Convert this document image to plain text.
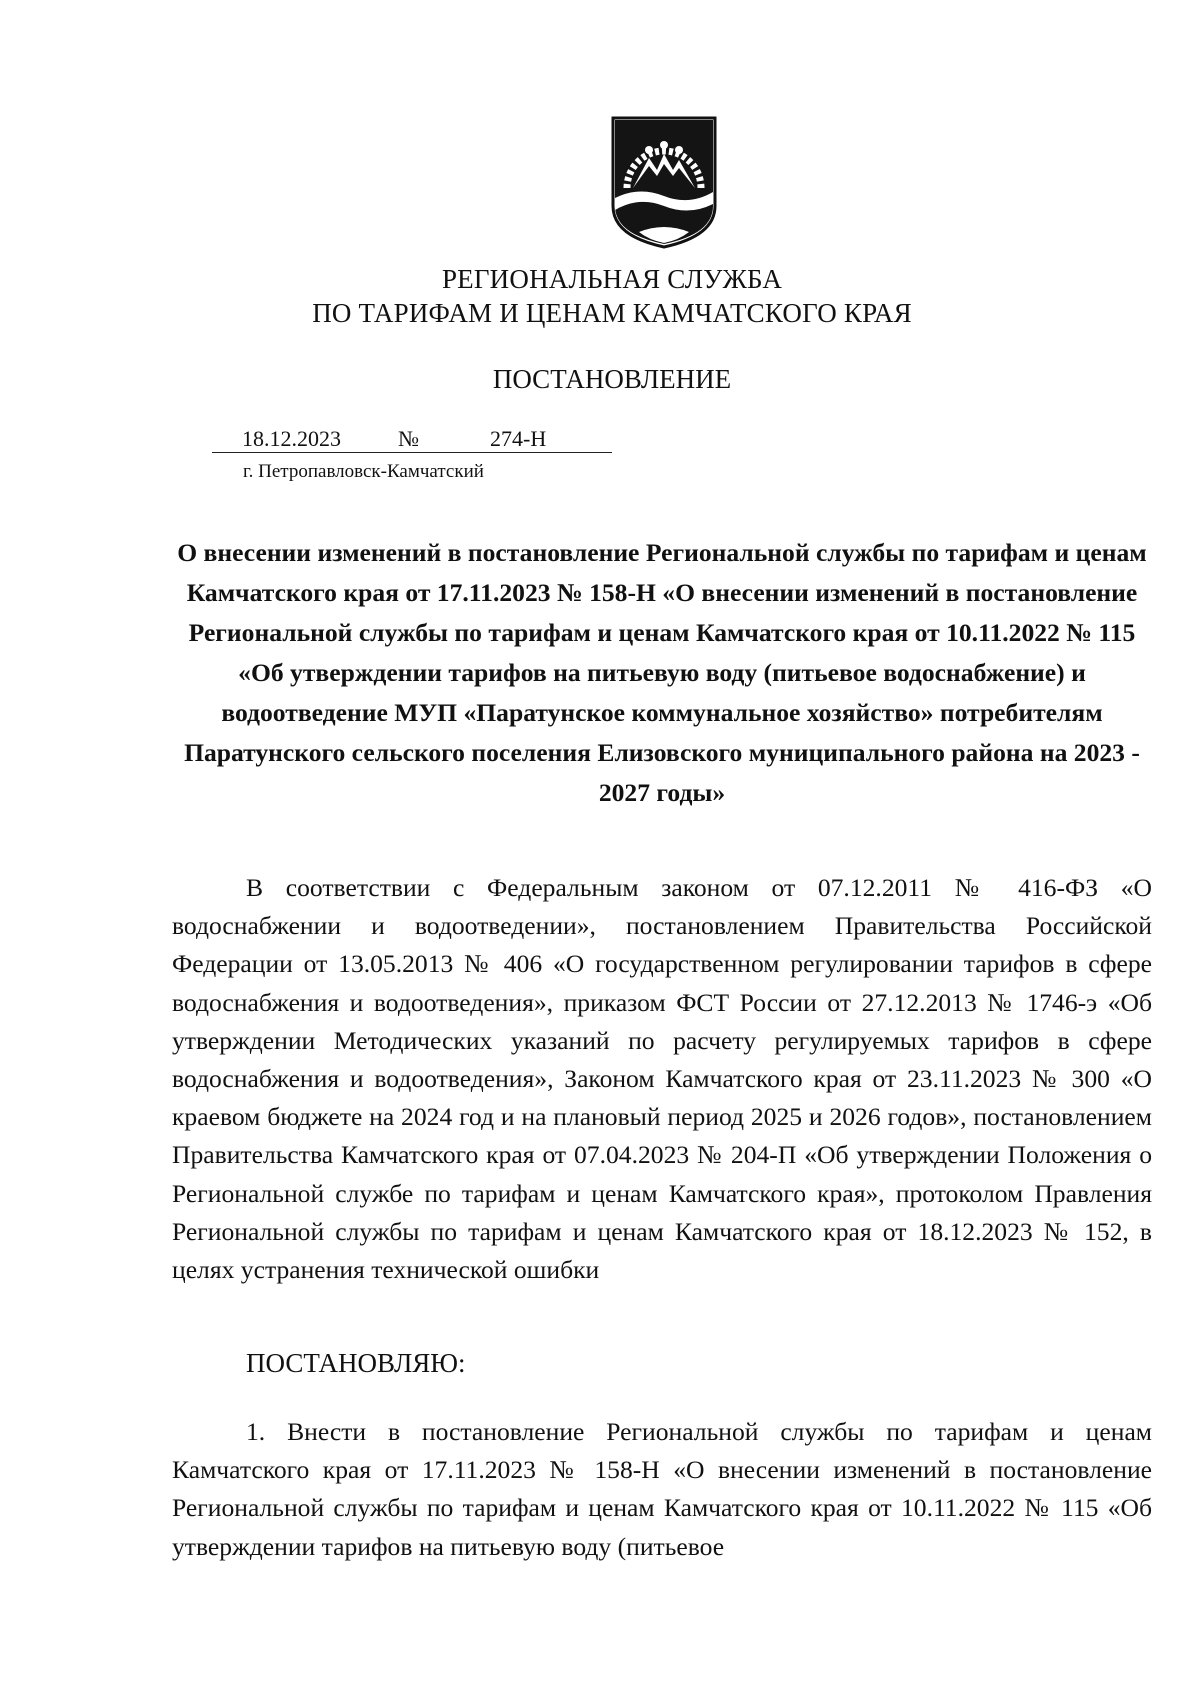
РЕГИОНАЛЬНАЯ СЛУЖБА
ПО ТАРИФАМ И ЦЕНАМ КАМЧАТСКОГО КРАЯ
ПОСТАНОВЛЕНИЕ
18.12.2023	№	274-Н
г. Петропавловск-Камчатский
О внесении изменений в постановление Региональной службы по тарифам и ценам Камчатского края от 17.11.2023 № 158-Н «О внесении изменений в постановление Региональной службы по тарифам и ценам Камчатского края от 10.11.2022 № 115 «Об утверждении тарифов на питьевую воду (питьевое водоснабжение) и водоотведение МУП «Паратунское коммунальное хозяйство» потребителям Паратунского сельского поселения Елизовского муниципального района на 2023 - 2027 годы»
В соответствии с Федеральным законом от 07.12.2011 № 416-ФЗ «О водоснабжении и водоотведении», постановлением Правительства Российской Федерации от 13.05.2013 № 406 «О государственном регулировании тарифов в сфере водоснабжения и водоотведения», приказом ФСТ России от 27.12.2013 № 1746-э «Об утверждении Методических указаний по расчету регулируемых тарифов в сфере водоснабжения и водоотведения», Законом Камчатского края от 23.11.2023 № 300 «О краевом бюджете на 2024 год и на плановый период 2025 и 2026 годов», постановлением Правительства Камчатского края от 07.04.2023 № 204-П «Об утверждении Положения о Региональной службе по тарифам и ценам Камчатского края», протоколом Правления Региональной службы по тарифам и ценам Камчатского края от 18.12.2023 № 152, в целях устранения технической ошибки
ПОСТАНОВЛЯЮ:
1. Внести в постановление Региональной службы по тарифам и ценам Камчатского края от 17.11.2023 № 158-Н «О внесении изменений в постановление Региональной службы по тарифам и ценам Камчатского края от 10.11.2022 № 115 «Об утверждении тарифов на питьевую воду (питьевое
